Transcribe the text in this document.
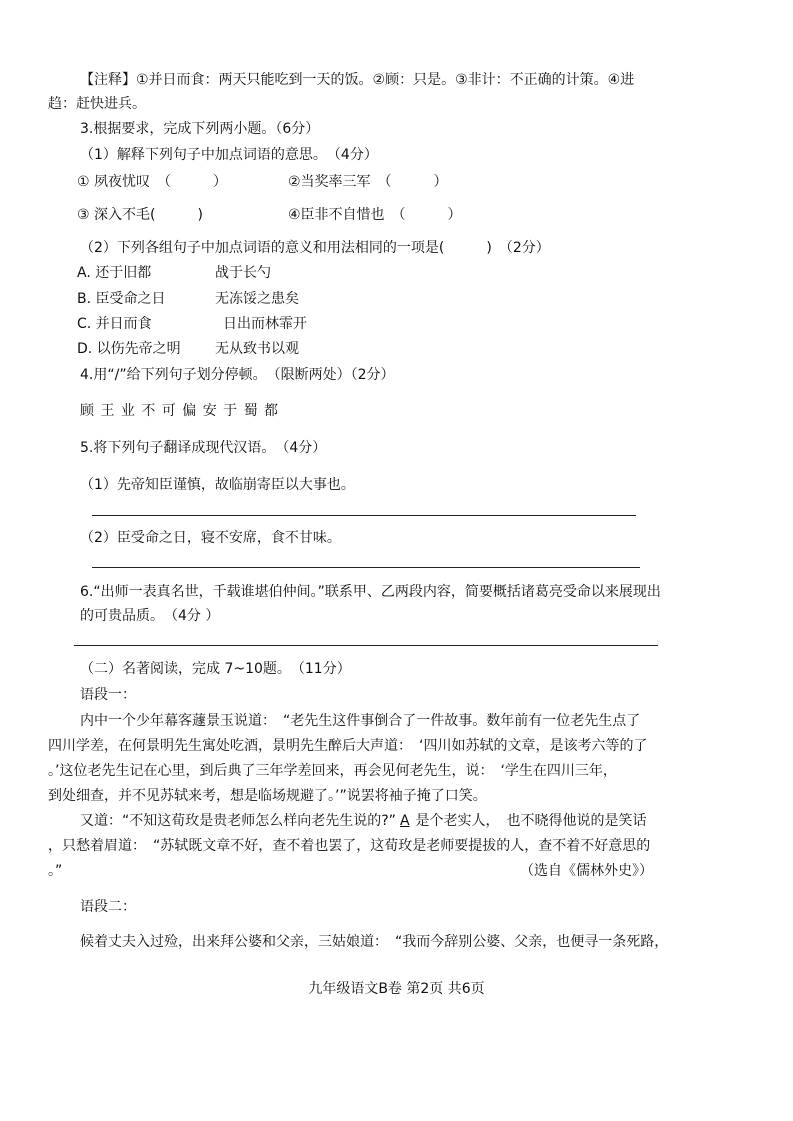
【注释】①并日而食：两天只能吃到一天的饭。②顾：只是。③非计：不正确的计策。④进
趋：赶快进兵。
3.根据要求，完成下列两小题。（6分）
（1）解释下列句子中加点词语的意思。　（4分）
① 夙夜忧叹　（　　　）	②当奖率三军　（　　　）
③ 深入不毛(　　　)	④臣非不自惜也　（　　　）
（2）下列各组句子中加点词语的意义和用法相同的一项是(　　　)　（2分）
A. 还于旧都	战于长勺
B. 臣受命之日	无冻馁之患矣
C. 并日而食	日出而林霏开
D. 以伤先帝之明 无从致书以观
4.用“/”给下列句子划分停顿。　（限断两处）（2分）
顾 王 业 不 可 偏 安 于 蜀 都
5.将下列句子翻译成现代汉语。　（4分）
（1）先帝知臣谨慎，故临崩寄臣以大事也。
（2）臣受命之日，寝不安席，食不甘味。
6.“出师一表真名世，千载谁堪伯仲间。”联系甲、乙两段内容，简要概括诸葛亮受命以来展现出
的可贵品质。　（4分 ）
（二）名著阅读，完成 7~10题。　（11分）
语段一：
内中一个少年幕客蘧景玉说道：　“老先生这件事倒合了一件故事。数年前有一位老先生点了
四川学差，在何景明先生寓处吃酒，景明先生醉后大声道：　‘四川如苏轼的文章，是该考六等的了
。’这位老先生记在心里，到后典了三年学差回来，再会见何老先生，说：　‘学生在四川三年，
到处细查，并不见苏轼来考，想是临场规避了。’”说罢将袖子掩了口笑。
又道：“不知这荀玫是贵老师怎么样向老先生说的?” A 是个老实人，　也不晓得他说的是笑话
，只愁着眉道：　“苏轼既文章不好，查不着也罢了，这荀玫是老师要提拔的人，查不着不好意思的
。”	（选自《儒林外史》）
语段二：
候着丈夫入过殓，出来拜公婆和父亲，三姑娘道：　“我而今辞别公婆、父亲，也便寻一条死路，
九年级语文B卷 第2页 共6页
